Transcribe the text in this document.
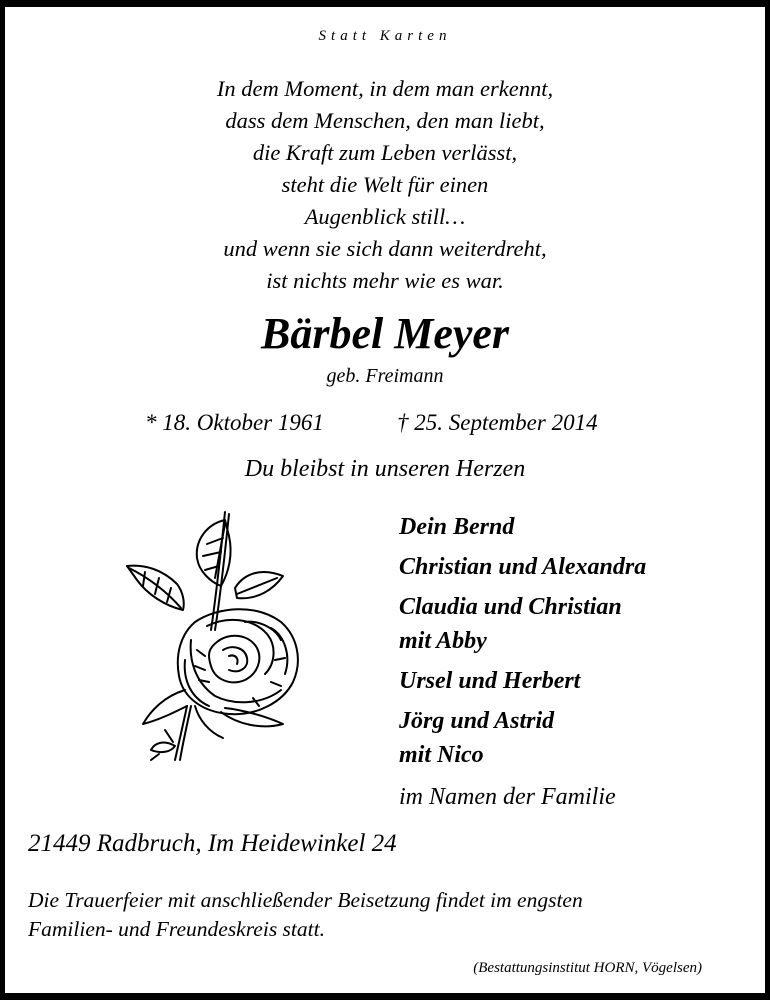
Statt Karten
In dem Moment, in dem man erkennt,
dass dem Menschen, den man liebt,
die Kraft zum Leben verlässt,
steht die Welt für einen
Augenblick still…
und wenn sie sich dann weiterdreht,
ist nichts mehr wie es war.
Bärbel Meyer
geb. Freimann
* 18. Oktober 1961	† 25. September 2014
Du bleibst in unseren Herzen
Dein Bernd
Christian und Alexandra
Claudia und Christian
mit Abby
Ursel und Herbert
Jörg und Astrid
mit Nico
im Namen der Familie
21449 Radbruch, Im Heidewinkel 24
Die Trauerfeier mit anschließender Beisetzung findet im engsten
Familien- und Freundeskreis statt.
(Bestattungsinstitut HORN, Vögelsen)
